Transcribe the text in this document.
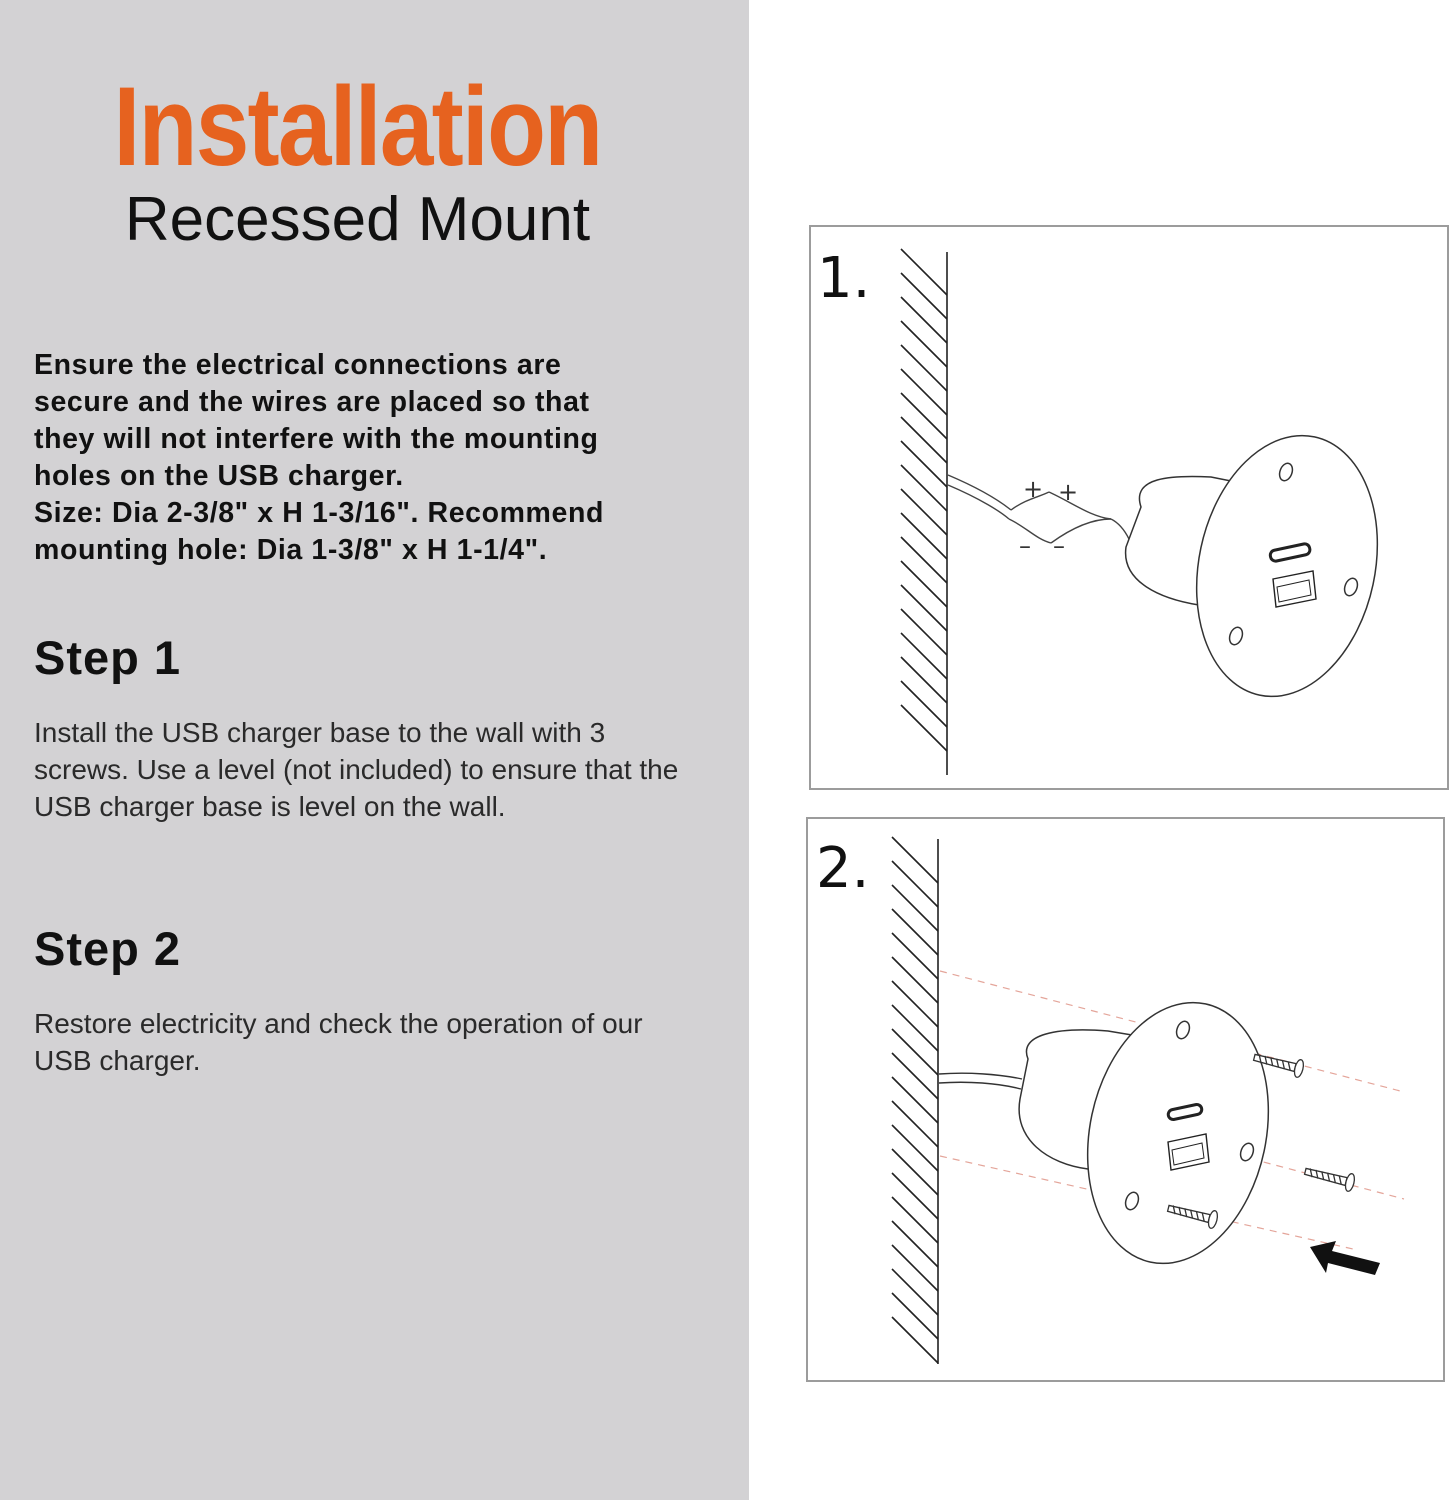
Installation
Recessed Mount
Ensure the electrical connections are
secure and the wires are placed so that
they will not interfere with the mounting
holes on the USB charger.
Size: Dia 2-3/8" x H 1-3/16". Recommend
mounting hole: Dia 1-3/8" x H 1-1/4".
Step 1
Install the USB charger base to the wall with 3
screws. Use a level (not included) to ensure that the
USB charger base is level on the wall.
Step 2
Restore electricity and check the operation of our
USB charger.
1.
+ +
– –
2.
